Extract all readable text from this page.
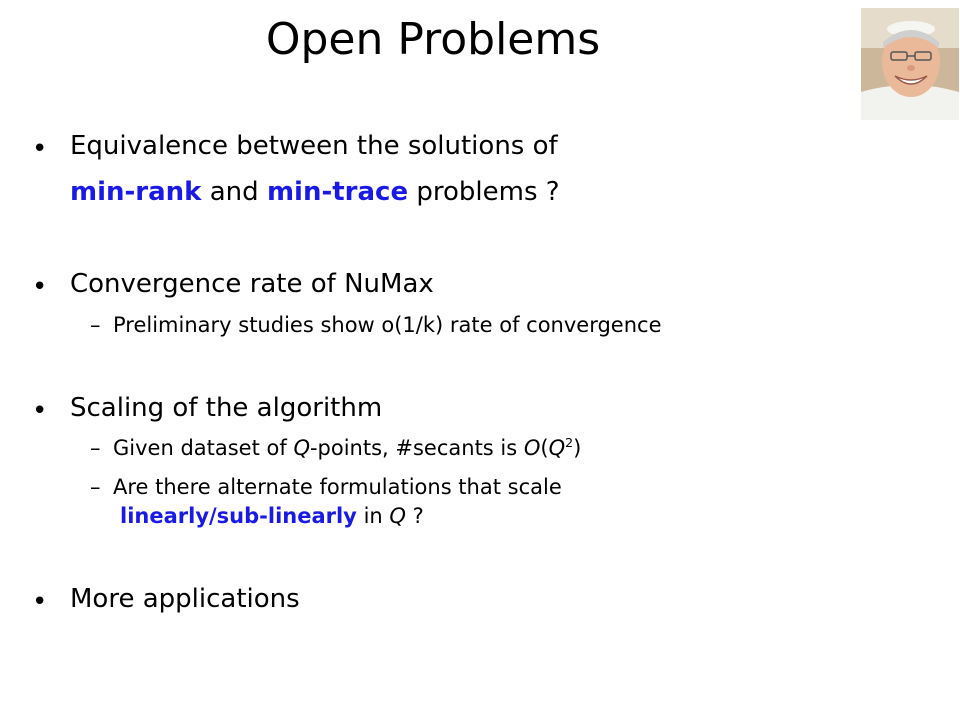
Open Problems
• Equivalence between the solutions of
min-rank and min-trace problems ?
• Convergence rate of NuMax
– Preliminary studies show o(1/k) rate of convergence
• Scaling of the algorithm
– Given dataset of Q-points, #secants is $O(Q^2)$
– Are there alternate formulations that scale
linearly/sub-linearly in Q ?
• More applications
